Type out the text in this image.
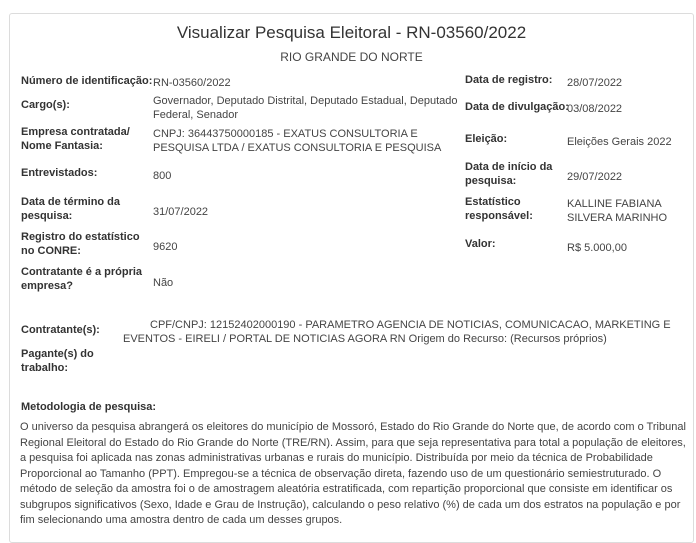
Visualizar Pesquisa Eleitoral - RN-03560/2022
RIO GRANDE DO NORTE
Número de identificação: RN-03560/2022
Cargo(s):	Governador, Deputado Distrital, Deputado Estadual, Deputado Federal, Senador
Empresa contratada/ Nome Fantasia:
CNPJ: 36443750000185 - EXATUS CONSULTORIA E PESQUISA LTDA / EXATUS CONSULTORIA E PESQUISA
Entrevistados:	800
Data de término da pesquisa:	31/07/2022
Registro do estatístico no CONRE:	9620
Contratante é a própria empresa?	Não
Data de registro:	28/07/2022
Data de divulgação:
03/08/2022
Eleição:	Eleições Gerais 2022
Data de início da pesquisa:	29/07/2022
Estatístico responsável:
KALLINE FABIANA SILVERA MARINHO
Valor:	R$ 5.000,00
Contratante(s):	CPF/CNPJ: 12152402000190 - PARAMETRO AGENCIA DE NOTICIAS, COMUNICACAO, MARKETING E EVENTOS - EIRELI / PORTAL DE NOTICIAS AGORA RN Origem do Recurso: (Recursos próprios)
Pagante(s) do trabalho:
Metodologia de pesquisa:
O universo da pesquisa abrangerá os eleitores do município de Mossoró, Estado do Rio Grande do Norte que, de acordo com o Tribunal Regional Eleitoral do Estado do Rio Grande do Norte (TRE/RN). Assim, para que seja representativa para total a população de eleitores, a pesquisa foi aplicada nas zonas administrativas urbanas e rurais do município. Distribuída por meio da técnica de Probabilidade Proporcional ao Tamanho (PPT). Empregou-se a técnica de observação direta, fazendo uso de um questionário semiestruturado. O método de seleção da amostra foi o de amostragem aleatória estratificada, com repartição proporcional que consiste em identificar os subgrupos significativos (Sexo, Idade e Grau de Instrução), calculando o peso relativo (%) de cada um dos estratos na população e por fim selecionando uma amostra dentro de cada um desses grupos.
